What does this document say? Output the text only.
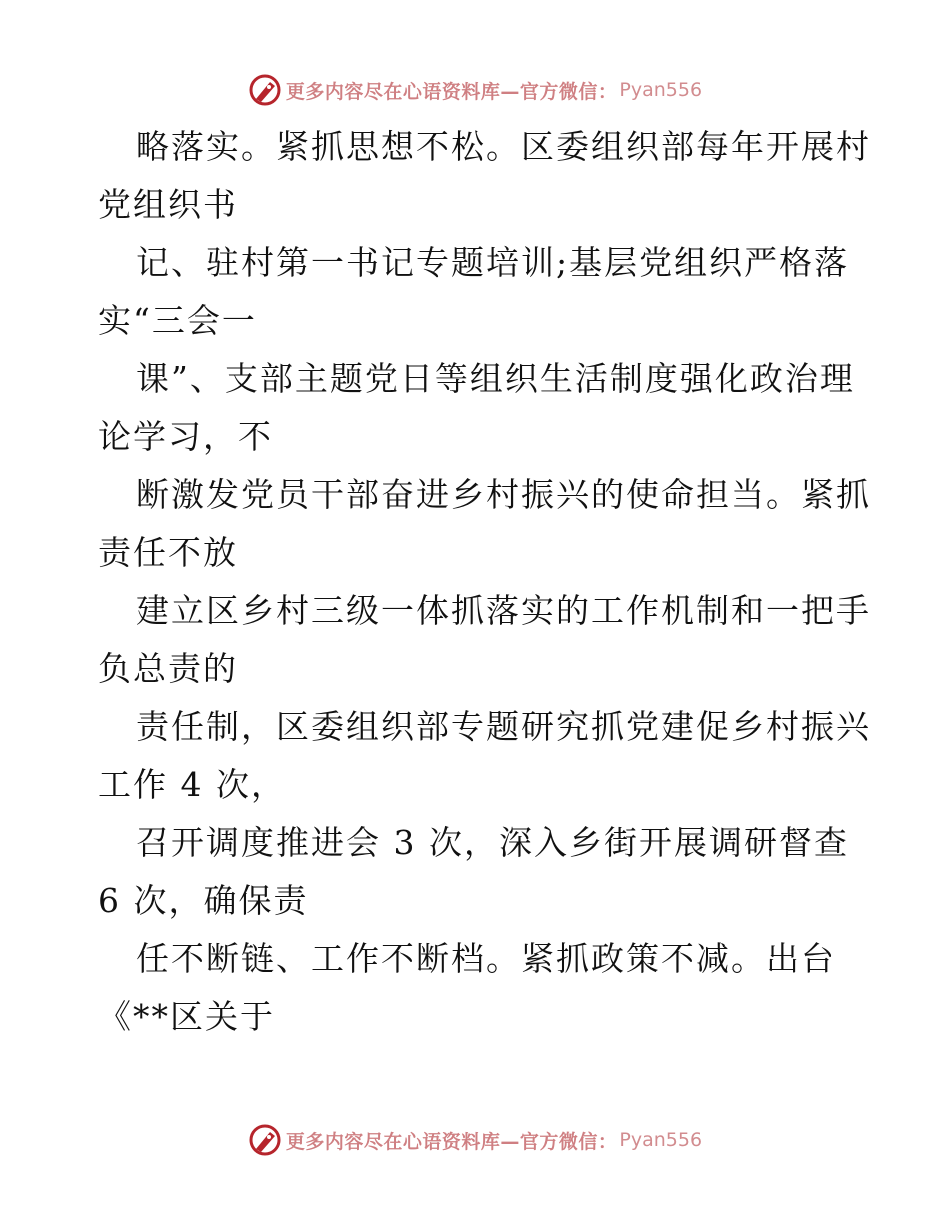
更多内容尽在心语资料库—官方微信： Pyan556
略落实。紧抓思想不松。区委组织部每年开展村
党组织书
记、驻村第一书记专题培训;基层党组织严格落
实“三会一
课”、支部主题党日等组织生活制度强化政治理
论学习，不
断激发党员干部奋进乡村振兴的使命担当。紧抓
责任不放
建立区乡村三级一体抓落实的工作机制和一把手
负总责的
责任制，区委组织部专题研究抓党建促乡村振兴
工作 4 次，
召开调度推进会 3 次，深入乡街开展调研督查
6 次，确保责
任不断链、工作不断档。紧抓政策不减。出台
《**区关于
更多内容尽在心语资料库—官方微信： Pyan556
